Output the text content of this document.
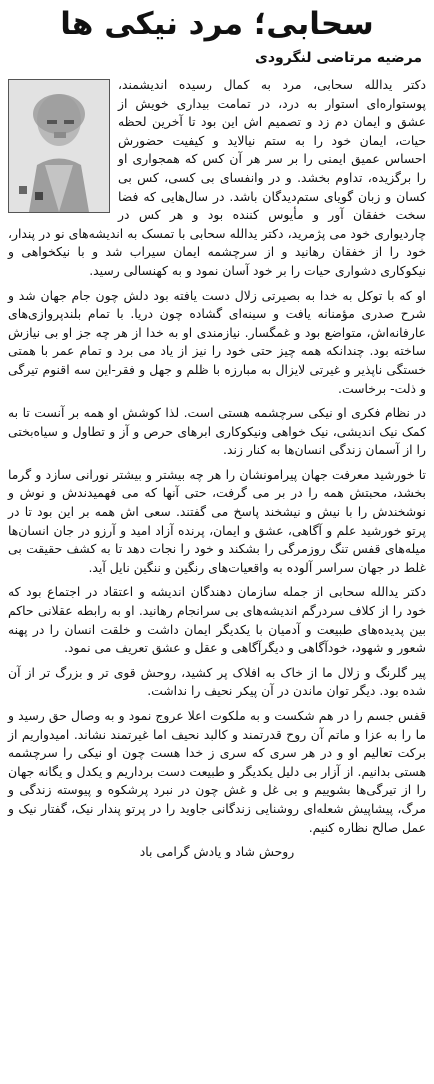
سحابی؛ مرد نیکی ها
مرضیه مرتاضی لنگرودی

دکتر یدالله سحابی، مرد به کمال رسیده اندیشمند، پوستواره‌ای استوار به درد، در تمامت بیداری خویش از عشق و ایمان دم زد و تصمیم اش این بود تا آخرین لحظه حیات، ایمان خود را به ستم نیالاید و کیفیت حضورش احساس عمیق ایمنی را بر سر هر آن کس که همجواری او را برگزیده، تداوم بخشد. و در وانفسای بی کسی، کس بی کسان و زبان گویای ستم‌دیدگان باشد. در سال‌هایی که فضا سخت خفقان آور و مأیوس کننده بود و هر کس در چاردیواری خود می پژمرید، دکتر یدالله سحابی با تمسک به اندیشه‌های نو در پندار، خود را از خفقان رهانید و از سرچشمه ایمان سیراب شد و با نیکخواهی و نیکوکاری دشواری حیات را بر خود آسان نمود و به کهنسالی رسید.

او که با توکل به خدا به بصیرتی زلال دست یافته بود دلش چون جام جهان شد و شرح صدری مؤمنانه یافت و سینه‌ای گشاده چون دریا. با تمام بلندپروازی‌های عارفانه‌اش، متواضع بود و غمگسار. نیازمندی او به خدا از هر چه جز او بی نیازش ساخته بود. چندانکه همه چیز حتی خود را نیز از یاد می برد و تمام عمر با همتی خستگی ناپذیر و غیرتی لایزال به مبارزه با ظلم و جهل و فقر-این سه اقنوم تیرگی و ذلت- برخاست.

در نظام فکری او نیکی سرچشمه هستی است. لذا کوشش او همه بر آنست تا به کمک نیک اندیشی، نیک خواهی ونیکوکاری ابرهای حرص و آز و تطاول و سیاه‌بختی را از آسمان زندگی انسان‌ها به کنار زند.

تا خورشید معرفت جهان پیرامونشان را هر چه بیشتر و بیشتر نورانی سازد و گرما بخشد، محبتش همه را در بر می گرفت، حتی آنها که می فهمیدندش و نوش و نوشخندش را با نیش و نیشخند پاسخ می گفتند. سعی اش همه بر این بود تا در پرتو خورشید علم و آگاهی، عشق و ایمان، پرنده آزاد امید و آرزو در جان انسان‌ها میله‌های قفس تنگ روزمرگی را بشکند و خود را نجات دهد تا به کشف حقیقت بی غلط در جهان سراسر آلوده به واقعیات‌های رنگین و ننگین نایل آید.

دکتر یدالله سحابی از جمله سازمان دهندگان اندیشه و اعتقاد در اجتماع بود که خود را از کلاف سردرگم اندیشه‌های بی سرانجام رهانید. او به رابطه عقلانی حاکم بین پدیده‌های طبیعت و آدمیان با یکدیگر ایمان داشت و خلقت انسان را در پهنه شعور و شهود، خودآگاهی و دیگرآگاهی و عقل و عشق تعریف می نمود.

پیر گلرنگ و زلال ما از خاک به افلاک پر کشید، روحش قوی تر و بزرگ تر از آن شده بود. دیگر توان ماندن در آن پیکر نحیف را نداشت.

قفس جسم را در هم شکست و به ملکوت اعلا عروج نمود و به وصال حق رسید و ما را به عزا و ماتم آن روح قدرتمند و کالبد نحیف اما غیرتمند نشاند. امیدواریم از برکت تعالیم او و در هر سری که سری ز خدا هست چون او نیکی را سرچشمه هستی بدانیم. از آزار بی دلیل یکدیگر و طبیعت دست برداریم و یکدل و یگانه جهان را از تیرگی‌ها بشوییم و بی غل و غش چون در نبرد پرشکوه و پیوسته زندگی و مرگ، پیشاپیش شعله‌ای روشنایی زندگانی جاوید را در پرتو پندار نیک، گفتار نیک و عمل صالح نظاره کنیم.

روحش شاد و یادش گرامی باد
